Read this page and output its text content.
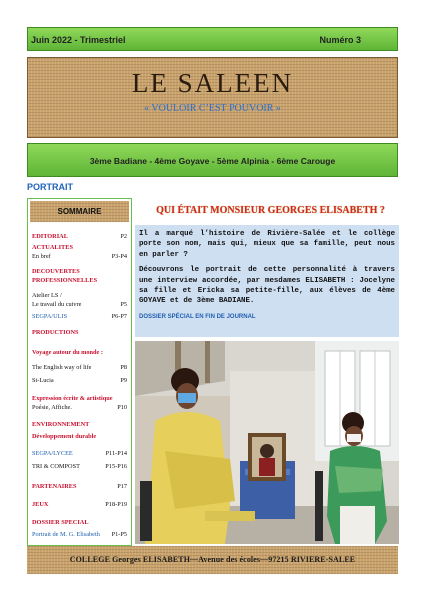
Juin 2022 - Trimestriel	Numéro 3
LE SALEEN
« VOULOIR C’EST POUVOIR »
3ème Badiane - 4ème Goyave - 5ème Alpinia - 6ème Carouge
PORTRAIT
SOMMAIRE
EDITORIAL	P2
ACTUALITES
En bref	P3-P4
DECOUVERTES
PROFESSIONNELLES
Atelier LS /
Le travail du cuivre	P5
SEGPA/ULIS	P6-P7
PRODUCTIONS
Voyage autour du monde :
The English way of life	P8
St-Lucia	P9
Expression écrite & artistique
Poésie, Affiche.	P10
ENVIRONNEMENT
Développement durable
SEGPA/LYCEE	P11-P14
TRI & COMPOST	P15-P16
PARTENAIRES	P17
JEUX	P18-P19
DOSSIER SPECIAL
Portrait de M. G. Elisabeth P1-P5
QUI ÉTAIT MONSIEUR GEORGES ELISABETH ?

Il a marqué l’histoire de Rivière-Salée et le collège porte son nom, mais qui, mieux que sa famille, peut nous en parler ?

Découvrons le portrait de cette personnalité à travers une interview accordée, par mesdames ELISABETH : Jocelyne sa fille et Ericka sa petite-fille, aux élèves de 4ème GOYAVE et de 3ème BADIANE.

DOSSIER SPÉCIAL EN FIN DE JOURNAL
COLLEGE Georges ELISABETH—Avenue des écoles—97215 RIVIERE-SALEE
